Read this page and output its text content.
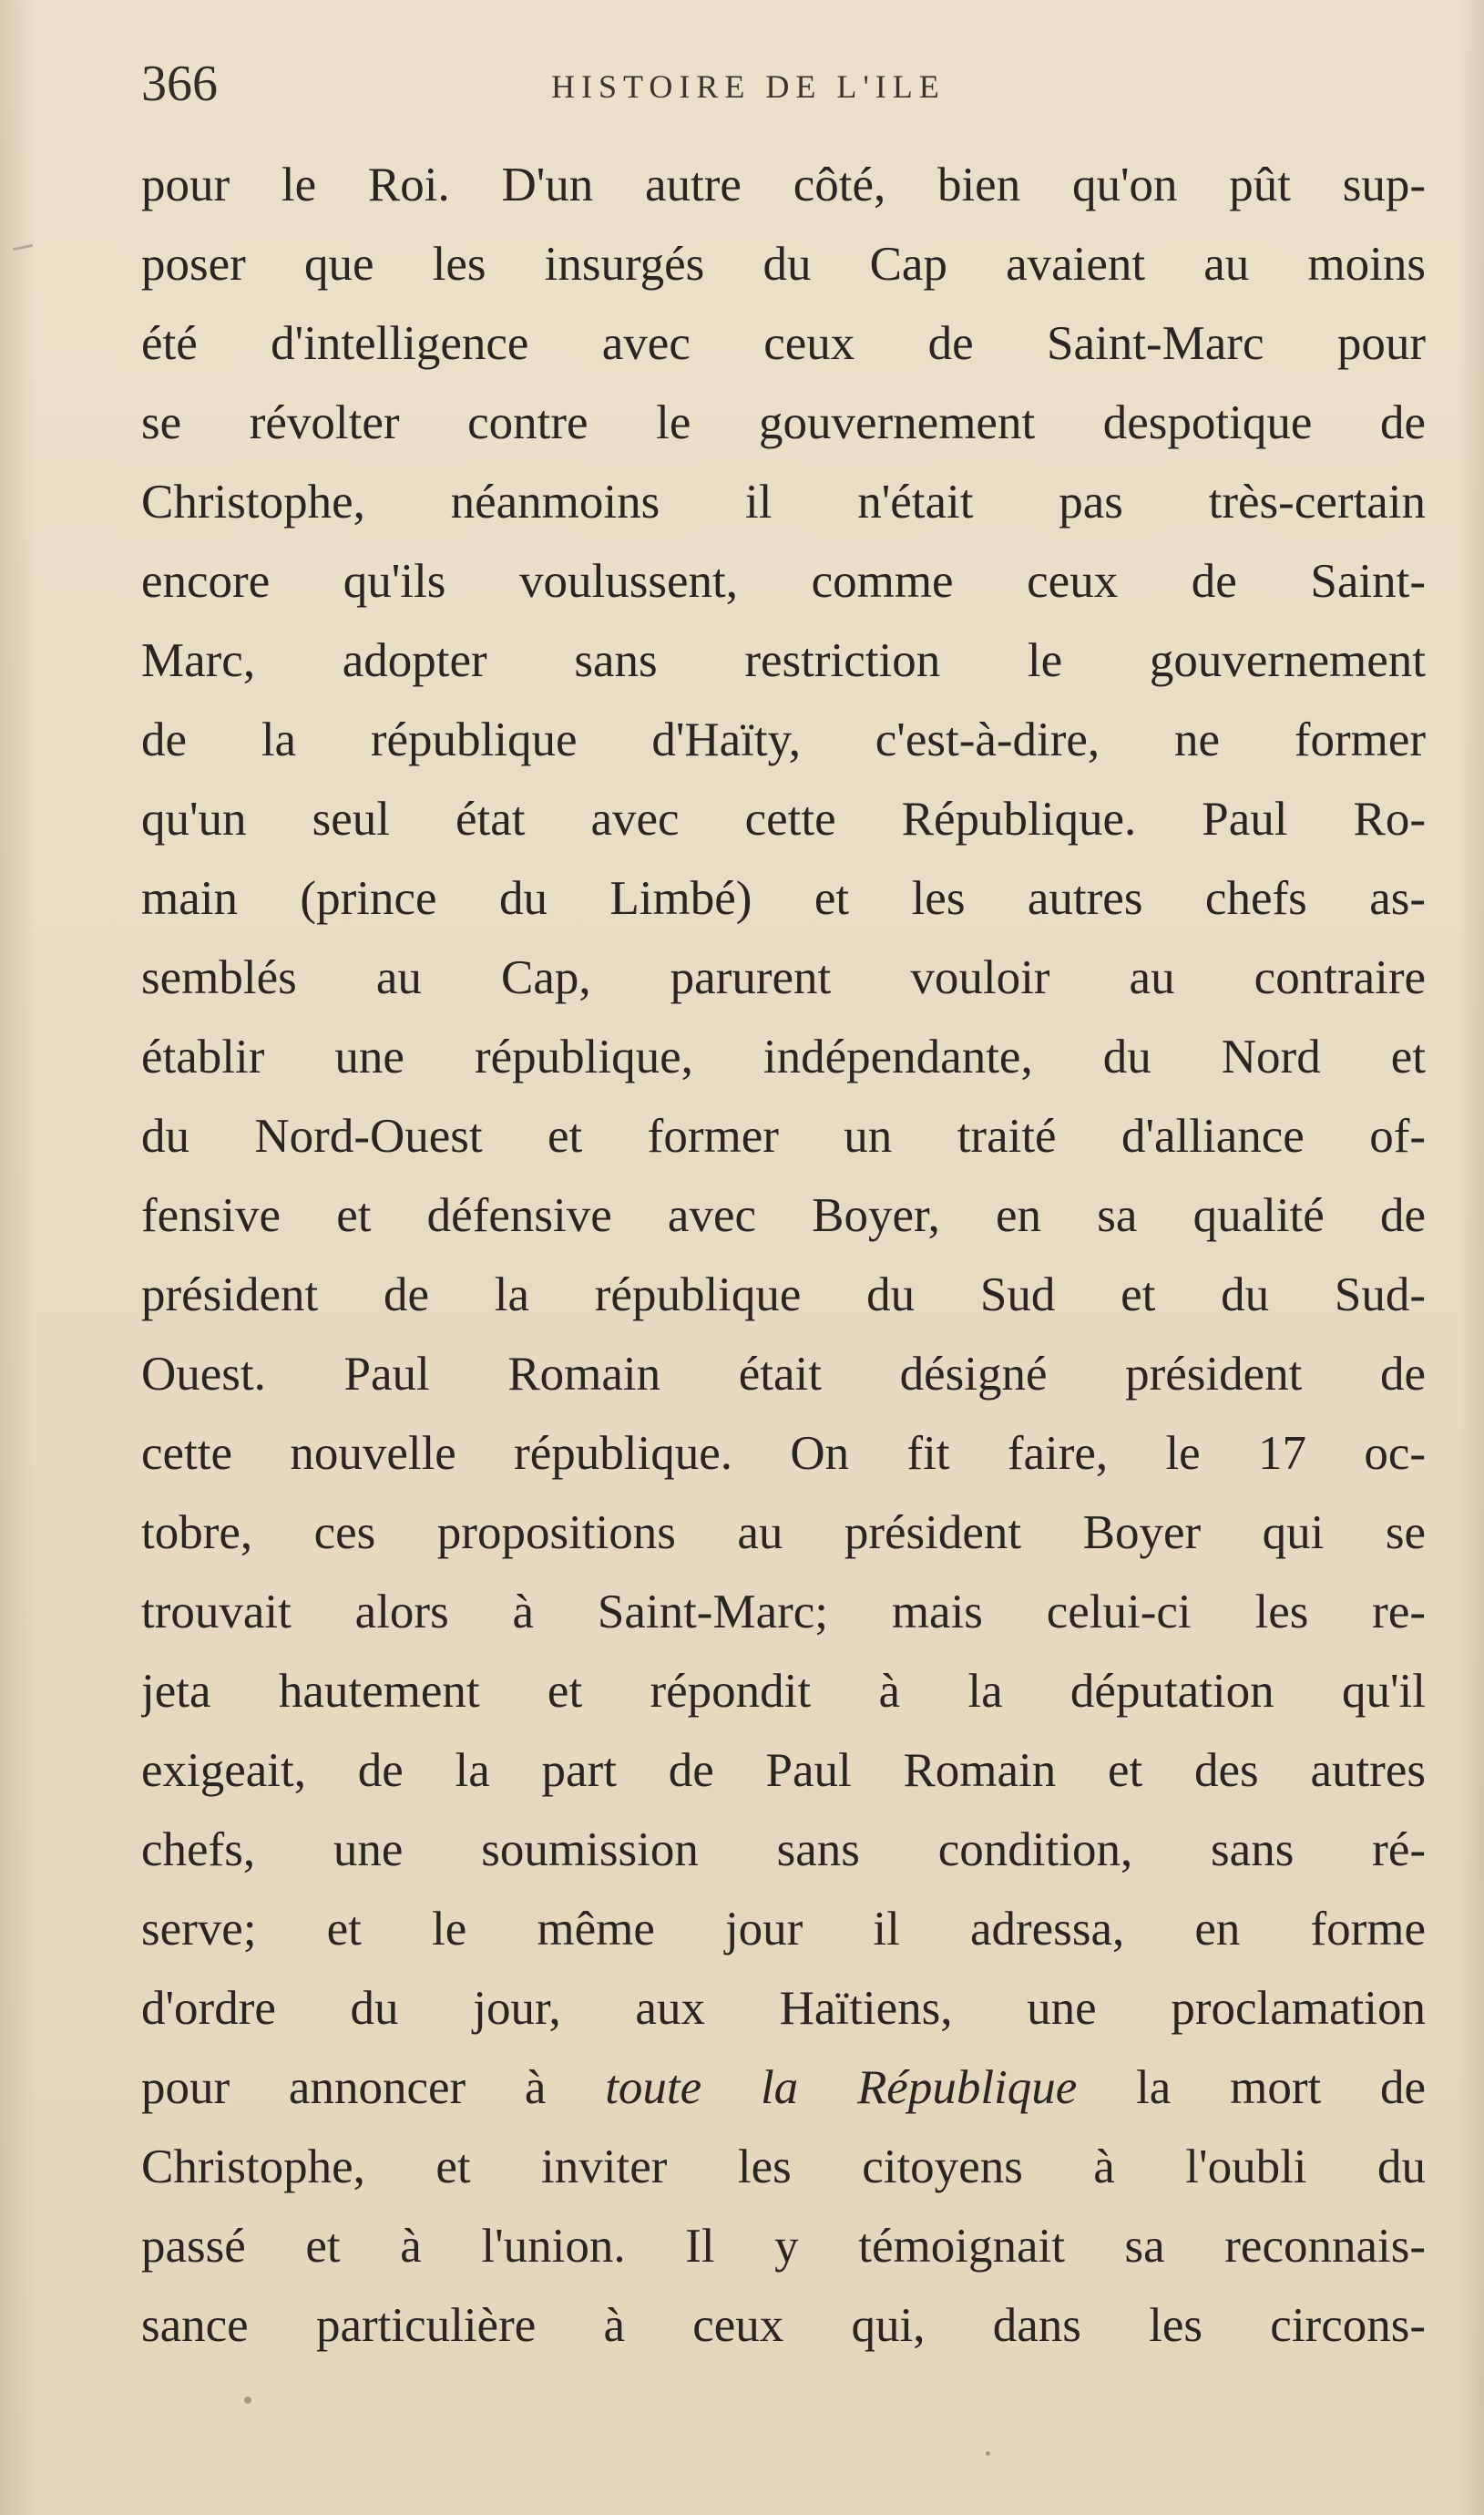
366	HISTOIRE DE L'ILE
pour le Roi. D'un autre côté, bien qu'on pût sup-
poser que les insurgés du Cap avaient au moins
été d'intelligence avec ceux de Saint-Marc pour
se révolter contre le gouvernement despotique de
Christophe, néanmoins il n'était pas très-certain
encore qu'ils voulussent, comme ceux de Saint-
Marc, adopter sans restriction le gouvernement
de la république d'Haïty, c'est-à-dire, ne former
qu'un seul état avec cette République. Paul Ro-
main (prince du Limbé) et les autres chefs as-
semblés au Cap, parurent vouloir au contraire
établir une république, indépendante, du Nord et
du Nord-Ouest et former un traité d'alliance of-
fensive et défensive avec Boyer, en sa qualité de
président de la république du Sud et du Sud-
Ouest. Paul Romain était désigné président de
cette nouvelle république. On fit faire, le 17 oc-
tobre, ces propositions au président Boyer qui se
trouvait alors à Saint-Marc; mais celui-ci les re-
jeta hautement et répondit à la députation qu'il
exigeait, de la part de Paul Romain et des autres
chefs, une soumission sans condition, sans ré-
serve; et le même jour il adressa, en forme
d'ordre du jour, aux Haïtiens, une proclamation
pour annoncer à toute la République la mort de
Christophe, et inviter les citoyens à l'oubli du
passé et à l'union. Il y témoignait sa reconnais-
sance particulière à ceux qui, dans les circons-
